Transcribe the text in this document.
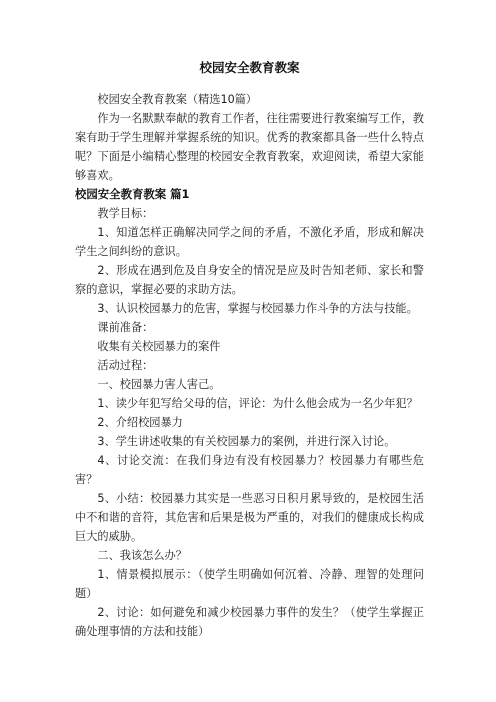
校园安全教育教案

校园安全教育教案（精选10篇）

作为一名默默奉献的教育工作者，往往需要进行教案编写工作，教案有助于学生理解并掌握系统的知识。优秀的教案都具备一些什么特点呢？下面是小编精心整理的校园安全教育教案，欢迎阅读，希望大家能够喜欢。

校园安全教育教案 篇1

教学目标：

1、知道怎样正确解决同学之间的矛盾，不激化矛盾，形成和解决学生之间纠纷的意识。

2、形成在遇到危及自身安全的情况是应及时告知老师、家长和警察的意识，掌握必要的求助方法。

3、认识校园暴力的危害，掌握与校园暴力作斗争的方法与技能。

课前准备：

收集有关校园暴力的案件

活动过程：

一、校园暴力害人害己。

1、读少年犯写给父母的信，评论：为什么他会成为一名少年犯？

2、介绍校园暴力

3、学生讲述收集的有关校园暴力的案例，并进行深入讨论。

4、讨论交流：在我们身边有没有校园暴力？校园暴力有哪些危害？

5、小结：校园暴力其实是一些恶习日积月累导致的，是校园生活中不和谐的音符，其危害和后果是极为严重的，对我们的健康成长构成巨大的威胁。

二、我该怎么办？

1、情景模拟展示：（使学生明确如何沉着、冷静、理智的处理问题）

2、讨论：如何避免和减少校园暴力事件的发生？（使学生掌握正确处理事情的方法和技能）
